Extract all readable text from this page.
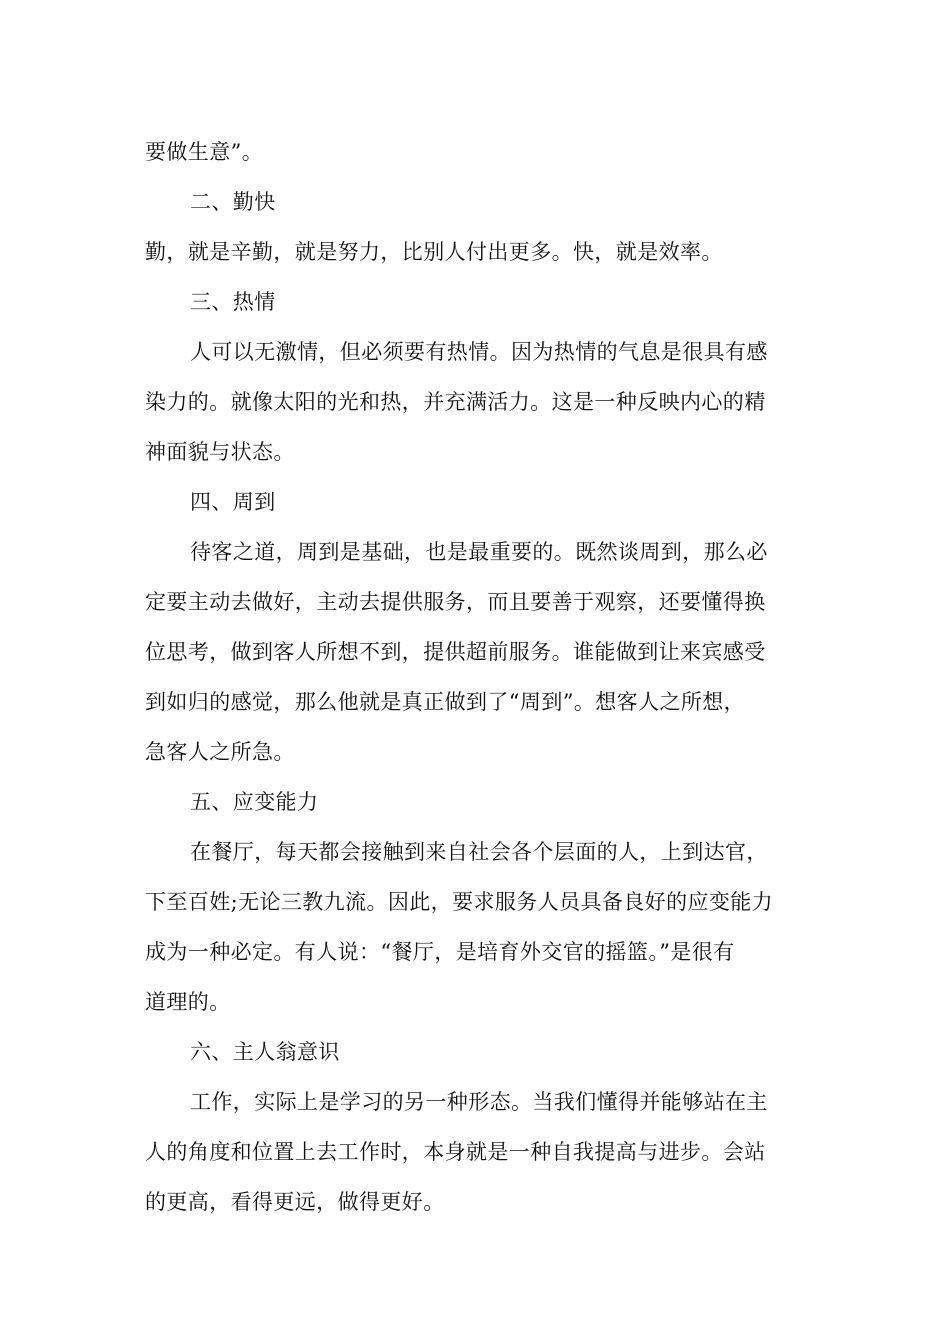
要做生意”。
二、勤快
勤，就是辛勤，就是努力，比别人付出更多。快，就是效率。
三、热情
人可以无激情，但必须要有热情。因为热情的气息是很具有感
染力的。就像太阳的光和热，并充满活力。这是一种反映内心的精
神面貌与状态。
四、周到
待客之道，周到是基础，也是最重要的。既然谈周到，那么必
定要主动去做好，主动去提供服务，而且要善于观察，还要懂得换
位思考，做到客人所想不到，提供超前服务。谁能做到让来宾感受
到如归的感觉，那么他就是真正做到了“周到”。想客人之所想，
急客人之所急。
五、应变能力
在餐厅，每天都会接触到来自社会各个层面的人，上到达官，
下至百姓;无论三教九流。因此，要求服务人员具备良好的应变能力
成为一种必定。有人说：“餐厅，是培育外交官的摇篮。”是很有
道理的。
六、主人翁意识
工作，实际上是学习的另一种形态。当我们懂得并能够站在主
人的角度和位置上去工作时，本身就是一种自我提高与进步。会站
的更高，看得更远，做得更好。
